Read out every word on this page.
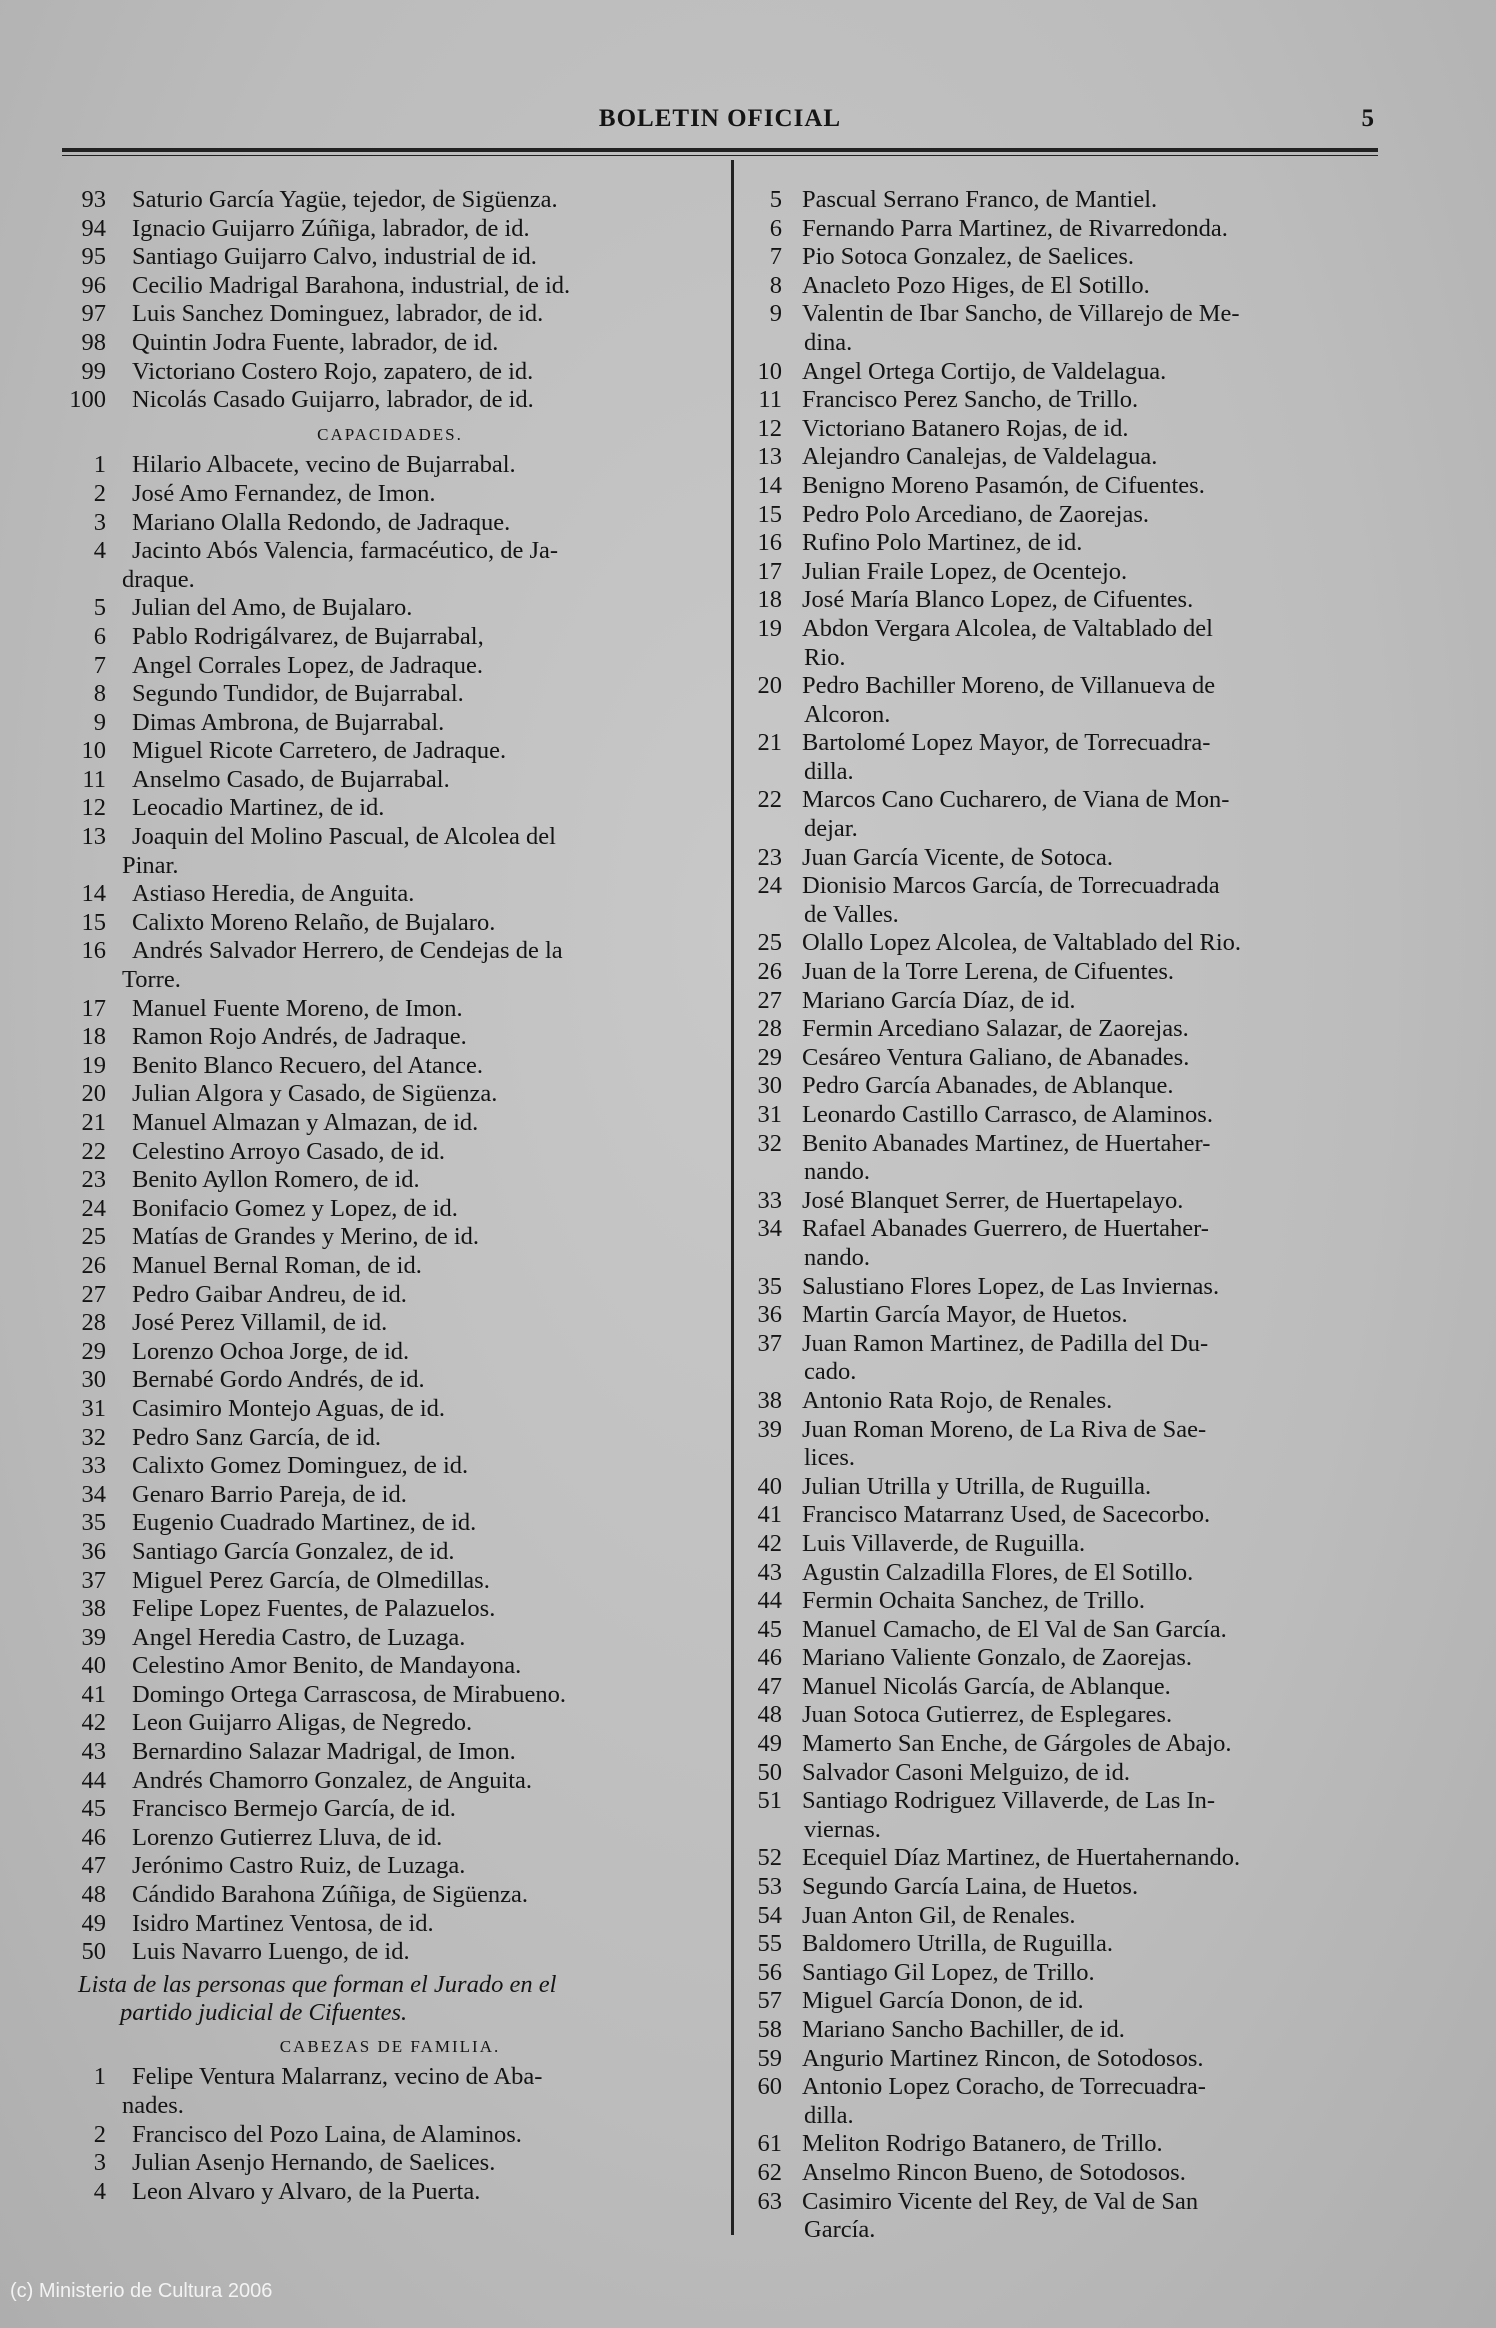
BOLETIN OFICIAL	5
93 Saturio García Yagüe, tejedor, de Sigüenza.
94 Ignacio Guijarro Zúñiga, labrador, de id.
95 Santiago Guijarro Calvo, industrial de id.
96 Cecilio Madrigal Barahona, industrial, de id.
97 Luis Sanchez Dominguez, labrador, de id.
98 Quintin Jodra Fuente, labrador, de id.
99 Victoriano Costero Rojo, zapatero, de id.
100 Nicolás Casado Guijarro, labrador, de id.
CAPACIDADES.
1 Hilario Albacete, vecino de Bujarrabal.
2 José Amo Fernandez, de Imon.
3 Mariano Olalla Redondo, de Jadraque.
4 Jacinto Abós Valencia, farmacéutico, de Ja-
draque.
5 Julian del Amo, de Bujalaro.
6 Pablo Rodrigálvarez, de Bujarrabal,
7 Angel Corrales Lopez, de Jadraque.
8 Segundo Tundidor, de Bujarrabal.
9 Dimas Ambrona, de Bujarrabal.
10 Miguel Ricote Carretero, de Jadraque.
11 Anselmo Casado, de Bujarrabal.
12 Leocadio Martinez, de id.
13 Joaquin del Molino Pascual, de Alcolea del
Pinar.
14 Astiaso Heredia, de Anguita.
15 Calixto Moreno Relaño, de Bujalaro.
16 Andrés Salvador Herrero, de Cendejas de la
Torre.
17 Manuel Fuente Moreno, de Imon.
18 Ramon Rojo Andrés, de Jadraque.
19 Benito Blanco Recuero, del Atance.
20 Julian Algora y Casado, de Sigüenza.
21 Manuel Almazan y Almazan, de id.
22 Celestino Arroyo Casado, de id.
23 Benito Ayllon Romero, de id.
24 Bonifacio Gomez y Lopez, de id.
25 Matías de Grandes y Merino, de id.
26 Manuel Bernal Roman, de id.
27 Pedro Gaibar Andreu, de id.
28 José Perez Villamil, de id.
29 Lorenzo Ochoa Jorge, de id.
30 Bernabé Gordo Andrés, de id.
31 Casimiro Montejo Aguas, de id.
32 Pedro Sanz García, de id.
33 Calixto Gomez Dominguez, de id.
34 Genaro Barrio Pareja, de id.
35 Eugenio Cuadrado Martinez, de id.
36 Santiago García Gonzalez, de id.
37 Miguel Perez García, de Olmedillas.
38 Felipe Lopez Fuentes, de Palazuelos.
39 Angel Heredia Castro, de Luzaga.
40 Celestino Amor Benito, de Mandayona.
41 Domingo Ortega Carrascosa, de Mirabueno.
42 Leon Guijarro Aligas, de Negredo.
43 Bernardino Salazar Madrigal, de Imon.
44 Andrés Chamorro Gonzalez, de Anguita.
45 Francisco Bermejo García, de id.
46 Lorenzo Gutierrez Lluva, de id.
47 Jerónimo Castro Ruiz, de Luzaga.
48 Cándido Barahona Zúñiga, de Sigüenza.
49 Isidro Martinez Ventosa, de id.
50 Luis Navarro Luengo, de id.
Lista de las personas que forman el Jurado en el
partido judicial de Cifuentes.
CABEZAS DE FAMILIA.
1 Felipe Ventura Malarranz, vecino de Aba-
nades.
2 Francisco del Pozo Laina, de Alaminos.
3 Julian Asenjo Hernando, de Saelices.
4 Leon Alvaro y Alvaro, de la Puerta.
5 Pascual Serrano Franco, de Mantiel.
6 Fernando Parra Martinez, de Rivarredonda.
7 Pio Sotoca Gonzalez, de Saelices.
8 Anacleto Pozo Higes, de El Sotillo.
9 Valentin de Ibar Sancho, de Villarejo de Me-
dina.
10 Angel Ortega Cortijo, de Valdelagua.
11 Francisco Perez Sancho, de Trillo.
12 Victoriano Batanero Rojas, de id.
13 Alejandro Canalejas, de Valdelagua.
14 Benigno Moreno Pasamón, de Cifuentes.
15 Pedro Polo Arcediano, de Zaorejas.
16 Rufino Polo Martinez, de id.
17 Julian Fraile Lopez, de Ocentejo.
18 José María Blanco Lopez, de Cifuentes.
19 Abdon Vergara Alcolea, de Valtablado del
Rio.
20 Pedro Bachiller Moreno, de Villanueva de
Alcoron.
21 Bartolomé Lopez Mayor, de Torrecuadra-
dilla.
22 Marcos Cano Cucharero, de Viana de Mon-
dejar.
23 Juan García Vicente, de Sotoca.
24 Dionisio Marcos García, de Torrecuadrada
de Valles.
25 Olallo Lopez Alcolea, de Valtablado del Rio.
26 Juan de la Torre Lerena, de Cifuentes.
27 Mariano García Díaz, de id.
28 Fermin Arcediano Salazar, de Zaorejas.
29 Cesáreo Ventura Galiano, de Abanades.
30 Pedro García Abanades, de Ablanque.
31 Leonardo Castillo Carrasco, de Alaminos.
32 Benito Abanades Martinez, de Huertaher-
nando.
33 José Blanquet Serrer, de Huertapelayo.
34 Rafael Abanades Guerrero, de Huertaher-
nando.
35 Salustiano Flores Lopez, de Las Inviernas.
36 Martin García Mayor, de Huetos.
37 Juan Ramon Martinez, de Padilla del Du-
cado.
38 Antonio Rata Rojo, de Renales.
39 Juan Roman Moreno, de La Riva de Sae-
lices.
40 Julian Utrilla y Utrilla, de Ruguilla.
41 Francisco Matarranz Used, de Sacecorbo.
42 Luis Villaverde, de Ruguilla.
43 Agustin Calzadilla Flores, de El Sotillo.
44 Fermin Ochaita Sanchez, de Trillo.
45 Manuel Camacho, de El Val de San García.
46 Mariano Valiente Gonzalo, de Zaorejas.
47 Manuel Nicolás García, de Ablanque.
48 Juan Sotoca Gutierrez, de Esplegares.
49 Mamerto San Enche, de Gárgoles de Abajo.
50 Salvador Casoni Melguizo, de id.
51 Santiago Rodriguez Villaverde, de Las In-
viernas.
52 Ecequiel Díaz Martinez, de Huertahernando.
53 Segundo García Laina, de Huetos.
54 Juan Anton Gil, de Renales.
55 Baldomero Utrilla, de Ruguilla.
56 Santiago Gil Lopez, de Trillo.
57 Miguel García Donon, de id.
58 Mariano Sancho Bachiller, de id.
59 Angurio Martinez Rincon, de Sotodosos.
60 Antonio Lopez Coracho, de Torrecuadra-
dilla.
61 Meliton Rodrigo Batanero, de Trillo.
62 Anselmo Rincon Bueno, de Sotodosos.
63 Casimiro Vicente del Rey, de Val de San
García.
(c) Ministerio de Cultura 2006
